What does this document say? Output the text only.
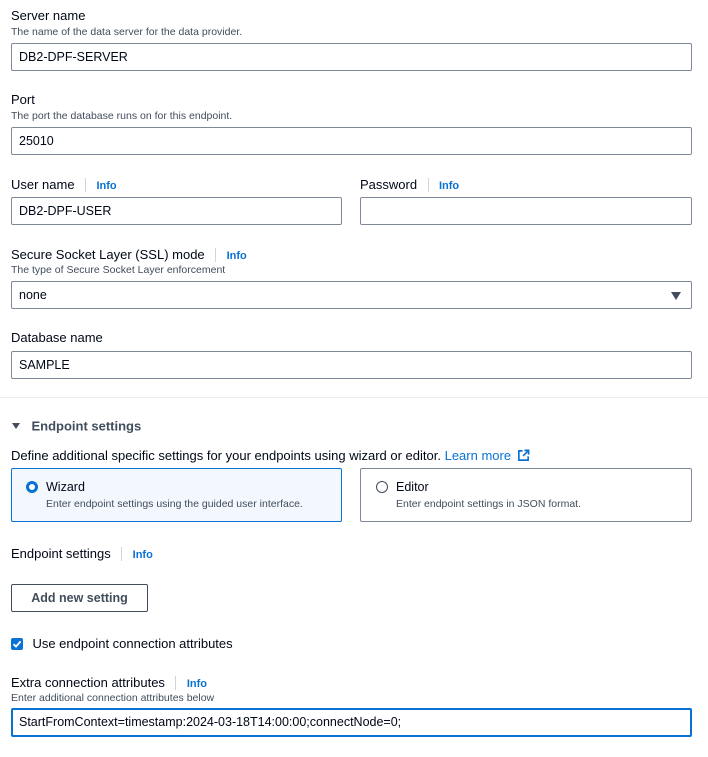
Server name
The name of the data server for the data provider.
DB2-DPF-SERVER
Port
The port the database runs on for this endpoint.
25010
User name Info
DB2-DPF-USER
Password Info
Secure Socket Layer (SSL) mode Info
The type of Secure Socket Layer enforcement
none
Database name
SAMPLE
Endpoint settings
Define additional specific settings for your endpoints using wizard or editor. Learn more
Wizard
Enter endpoint settings using the guided user interface.
Editor
Enter endpoint settings in JSON format.
Endpoint settings Info
Add new setting
Use endpoint connection attributes
Extra connection attributes Info
Enter additional connection attributes below
StartFromContext=timestamp:2024-03-18T14:00:00;connectNode=0;
